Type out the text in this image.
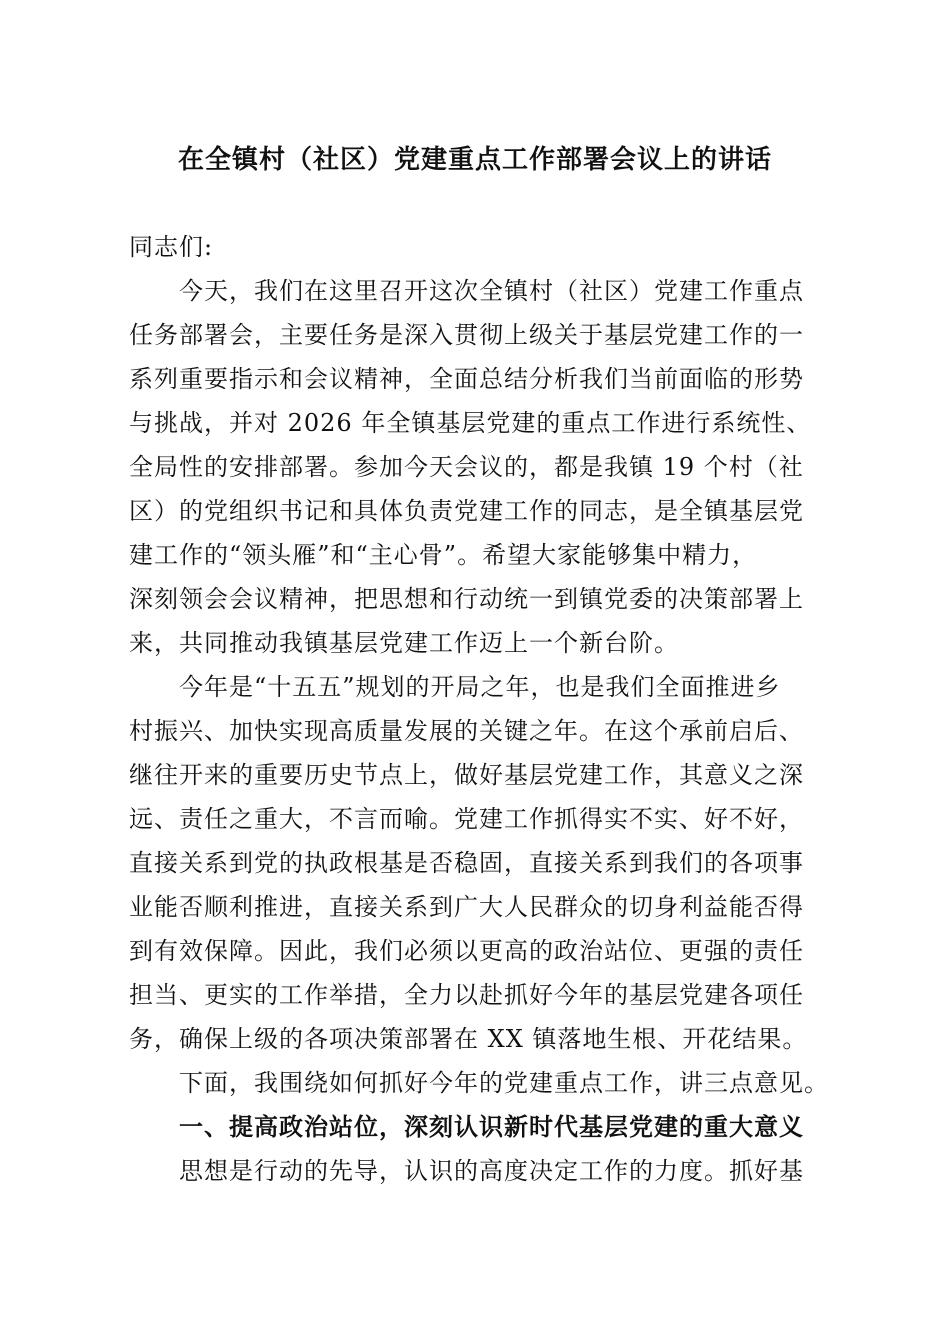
在全镇村（社区）党建重点工作部署会议上的讲话
同志们:
今天，我们在这里召开这次全镇村（社区）党建工作重点
任务部署会，主要任务是深入贯彻上级关于基层党建工作的一
系列重要指示和会议精神，全面总结分析我们当前面临的形势
与挑战，并对 2026 年全镇基层党建的重点工作进行系统性、
全局性的安排部署。参加今天会议的，都是我镇 19 个村（社
区）的党组织书记和具体负责党建工作的同志，是全镇基层党
建工作的“领头雁”和“主心骨”。希望大家能够集中精力，
深刻领会会议精神，把思想和行动统一到镇党委的决策部署上
来，共同推动我镇基层党建工作迈上一个新台阶。
今年是“十五五”规划的开局之年，也是我们全面推进乡
村振兴、加快实现高质量发展的关键之年。在这个承前启后、
继往开来的重要历史节点上，做好基层党建工作，其意义之深
远、责任之重大，不言而喻。党建工作抓得实不实、好不好，
直接关系到党的执政根基是否稳固，直接关系到我们的各项事
业能否顺利推进，直接关系到广大人民群众的切身利益能否得
到有效保障。因此，我们必须以更高的政治站位、更强的责任
担当、更实的工作举措，全力以赴抓好今年的基层党建各项任
务，确保上级的各项决策部署在 XX 镇落地生根、开花结果。
下面，我围绕如何抓好今年的党建重点工作，讲三点意见。
一、提高政治站位，深刻认识新时代基层党建的重大意义
思想是行动的先导，认识的高度决定工作的力度。抓好基
